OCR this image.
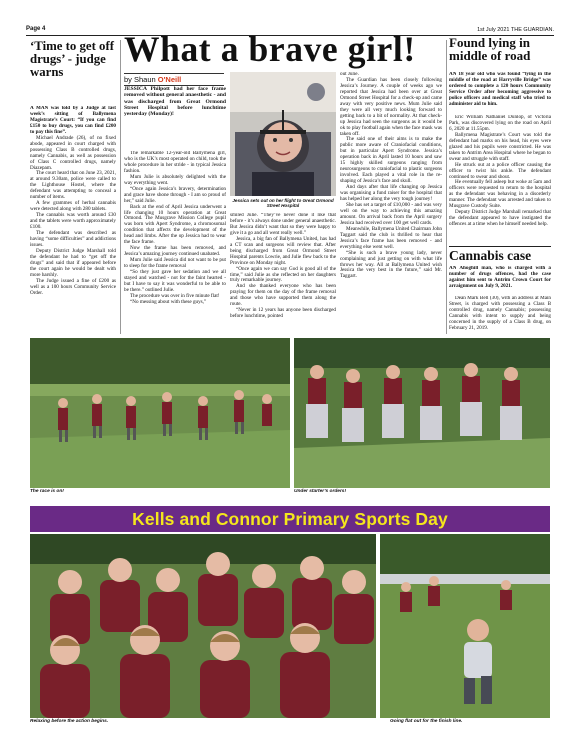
Page 4	1st July 2021 THE GUARDIAN.
‘Time to get off drugs’ - judge warns

A MAN was told by a Judge at last week’s sitting of Ballymena Magistrate’s Court: “If you can find £150 to buy drugs, you can find £200 to pay this fine”.

Michael Andrade (26), of no fixed abode, appeared in court charged with possessing Class B controlled drugs, namely Cannabis, as well as possession of Class C controlled drugs, namely Diazepam.

The court heard that on June 23, 2021, at around 9.30am, police were called to the Lighthouse Hostel, where the defendant was attempting to conceal a number of items.

A few grammes of herbal cannabis were detected along with 280 tablets.

The cannabis was worth around £30 and the tablets were worth approximately £100.

The defendant was described as having “some difficulties” and addictions issues.

Deputy District Judge Marshall told the defendant he had to “get off the drugs” and said that if appeared before the court again he would be dealt with more harshly.

The Judge issued a fine of £200 as well as a 100 hours Community Service Order.

What a brave girl!
by Shaun O'Neill

JESSICA Philpott had her face frame removed without general anaesthetic - and was discharged from Great Ormond Street Hospital before lunchtime yesterday (Monday)!

The remarkable 12-year-old Ballymena girl, who is the UK’s most operated on child, took the whole procedure in her stride - in typical Jessica fashion.

Mum Julie is absolutely delighted with the way everything went.

“Once again Jessica’s bravery, determination and grace have shone through - I am so proud of her,” said Julie.

Back at the end of April Jessica underwent a life changing 10 hours operation at Great Ormond. The Musgrave Mission College pupil was born with Apert Syndrome, a chromosomal condition that affects the development of the head and limbs. After the op Jessica had to wear the face frame.

Now the frame has been removed, and Jessica’s amazing journey continued unabated.

Mum Julie said Jessica did not want to be put to sleep for the frame removal

“So they just gave her sedation and we all stayed and watched - not for the faint hearted - but I have to say it was wonderful to be able to be there.” outlined Julie.

The procedure was over in five minute flat!

“No messing about with these guys,”

Jessica sets out on her flight to Great Ormond Street Hospital

smiled Julie. “They’ve never done it like that before - it’s always done under general anaesthetic. But Jessica didn’t want that so they were happy to give it a go and all went really well.”

Jessica, a big fan of Ballymena United, has had a CT scan and surgeons will review that. After being discharged from Great Ormond Street Hospital parents Lowrie, and Julie flew back to the Province on Monday night.

“Once again we can say God is good all of the time,” said Julie as she reflected on her daughters truly remarkable journey.

And she thanked everyone who has been praying for them on the day of the frame removal and those who have supported them along the route.

“Never in 12 years has anyone been discharged before lunchtime, pointed

out Julie.

The Guardian has been closely following Jessica’s Journey. A couple of weeks ago we reported that Jessica had been over at Great Ormond Street Hospital for a check-up and came away with very positive news. Mum Julie said they were all very much looking forward to getting back to a bit of normality. At that check-up Jessica had seen the surgeons as it would be ok to play football again when the face mask was taken off.

The said one of their aims is to make the public more aware of Craniofacial conditions, but in particular Apert Syndrome. Jessica’s operation back in April lasted 10 hours and saw 15 highly skilled surgeons ranging from neurosurgeons to craniofacial to plastic surgeons involved. Each played a vital role in the re-shaping of Jessica’s face and skull.

And days after that life changing op Jessica was organising a fund raiser for the hospital that has helped her along the very tough journey!

She has set a target of £10,000 - and was very well on the way to achieving this amazing amount. On arrival back from the April surgery Jessica had received over 100 get well cards.

Meanwhile, Ballymena United Chairman John Taggart said the club is thrilled to hear that Jessica’s face frame has been removed - and everything else went well.

“She is such a brave young lady, never complaining and just getting on with what life throws her way. All at Ballymena United wish Jessica the very best in the future,” said Mr. Taggart.

Found lying in middle of road

AN 18 year old who was found “lying in the middle of the road at Harryville Bridge” was ordered to complete a 120 hours Community Service Order after becoming aggressive to police officers and medical staff who tried to administer aid to him.

Eric William Nathaniel Dunlop, of Victoria Park, was discovered lying on the road on April 6, 2020 at 11.55pm.

Ballymena Magistrate’s Court was told the defendant had marks on his head, his eyes were glazed and his pupils were constricted. He was taken to Antrim Area Hospital where he began to swear and struggle with staff.

He struck out at a police officer causing the officer to twist his ankle. The defendant continued to swear and shout.

He eventually fell asleep but woke at 5am and officers were requested to return to the hospital as the defendant was behaving in a disorderly manner. The defendant was arrested and taken to Musgrave Custody Suite.

Deputy District Judge Marshall remarked that the defendant appeared to have instigated the offences at a time when he himself needed help.

Cannabis case

AN Ahoghill man, who is charged with a number of drugs offences, had the case against him sent to Antrim Crown Court for arraignment on July 9, 2021.

Dean Mark Bell (30), with an address at Main Street, is charged with possessing a Class B controlled drug, namely Cannabis; possessing Cannabis with intent to supply and being concerned in the supply of a Class B drug, on February 21, 2019.

The race is on!	Under starter’s orders!
Kells and Connor Primary Sports Day
Relaxing before the action begins.	Going flat out for the finish line.
